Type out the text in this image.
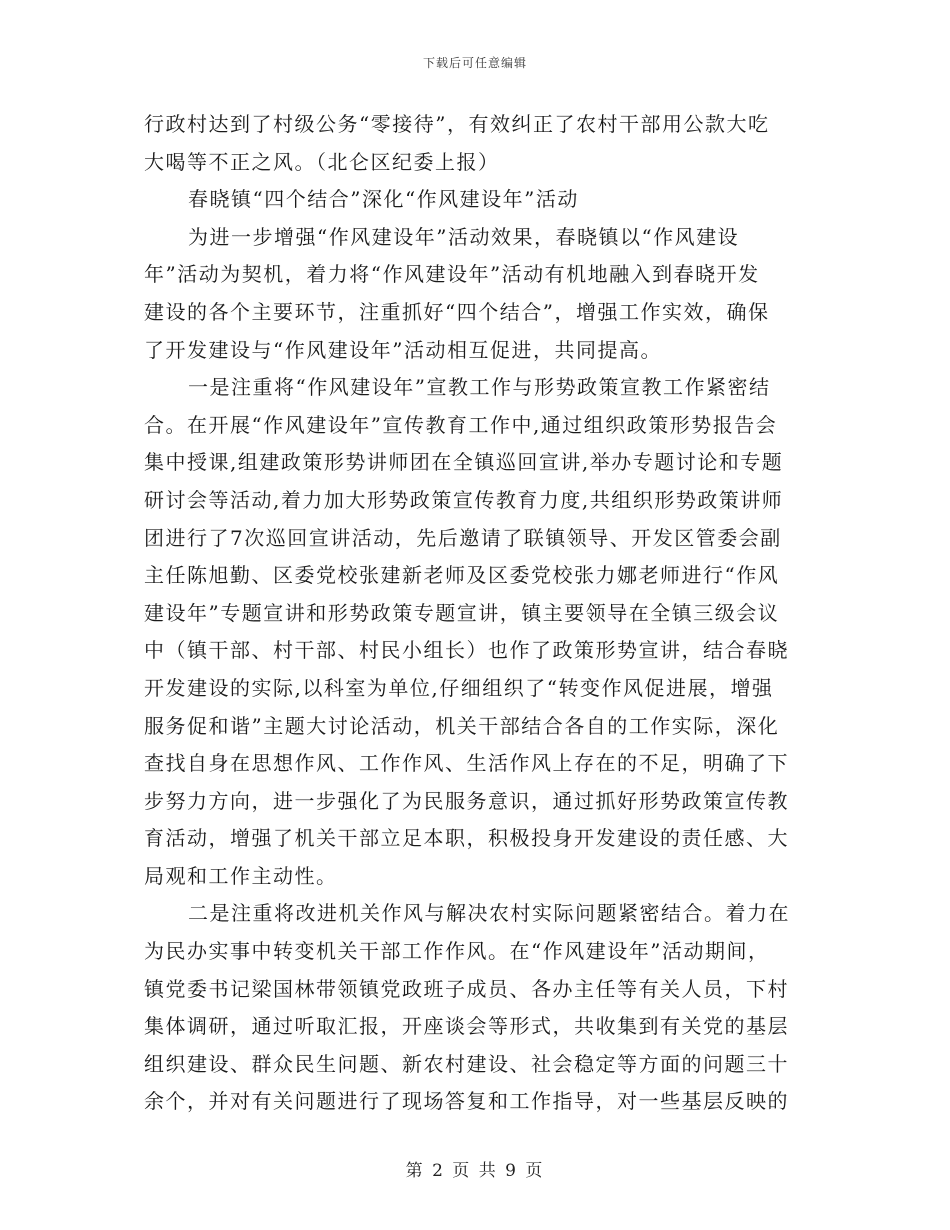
下载后可任意编辑
行政村达到了村级公务“零接待”，有效纠正了农村干部用公款大吃
大喝等不正之风。（北仑区纪委上报）
春晓镇“四个结合”深化“作风建设年”活动
为进一步增强“作风建设年”活动效果，春晓镇以“作风建设
年”活动为契机，着力将“作风建设年”活动有机地融入到春晓开发
建设的各个主要环节，注重抓好“四个结合”，增强工作实效，确保
了开发建设与“作风建设年”活动相互促进，共同提高。
一是注重将“作风建设年”宣教工作与形势政策宣教工作紧密结
合。在开展“作风建设年”宣传教育工作中,通过组织政策形势报告会
集中授课,组建政策形势讲师团在全镇巡回宣讲,举办专题讨论和专题
研讨会等活动,着力加大形势政策宣传教育力度,共组织形势政策讲师
团进行了7次巡回宣讲活动，先后邀请了联镇领导、开发区管委会副
主任陈旭勤、区委党校张建新老师及区委党校张力娜老师进行“作风
建设年”专题宣讲和形势政策专题宣讲，镇主要领导在全镇三级会议
中（镇干部、村干部、村民小组长）也作了政策形势宣讲，结合春晓
开发建设的实际,以科室为单位,仔细组织了“转变作风促进展，增强
服务促和谐”主题大讨论活动，机关干部结合各自的工作实际，深化
查找自身在思想作风、工作作风、生活作风上存在的不足，明确了下
步努力方向，进一步强化了为民服务意识，通过抓好形势政策宣传教
育活动，增强了机关干部立足本职，积极投身开发建设的责任感、大
局观和工作主动性。
二是注重将改进机关作风与解决农村实际问题紧密结合。着力在
为民办实事中转变机关干部工作作风。在“作风建设年”活动期间，
镇党委书记梁国林带领镇党政班子成员、各办主任等有关人员，下村
集体调研，通过听取汇报，开座谈会等形式，共收集到有关党的基层
组织建设、群众民生问题、新农村建设、社会稳定等方面的问题三十
余个，并对有关问题进行了现场答复和工作指导，对一些基层反映的
第 2 页 共 9 页
